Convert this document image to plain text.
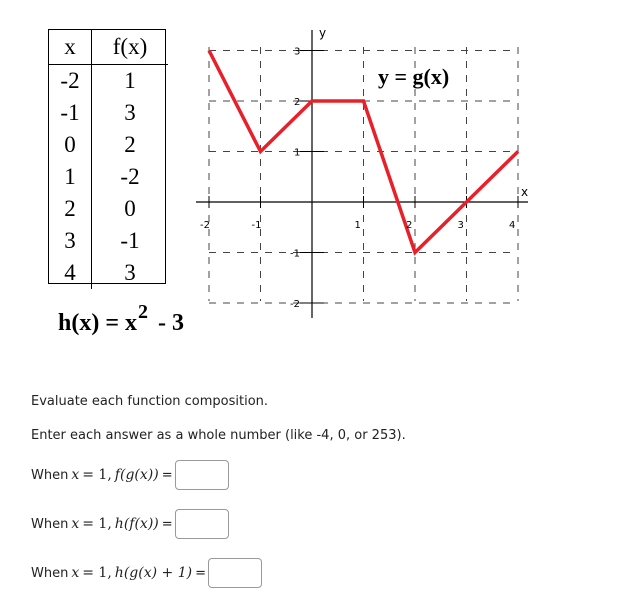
x	f(x)
-2	1
-1	3
0	2
1	-2
2	0
3	-1
4	3
$h(x) = x^2 - 3$
-2	-1	1	2	3	4
3
2
1
-1
-2
x
y
y = g(x)
Evaluate each function composition.
Enter each answer as a whole number (like -4, 0, or 253).
When x = 1, f(g(x)) =
When x = 1, h(f(x)) =
When x = 1, h(g(x) + 1) =
